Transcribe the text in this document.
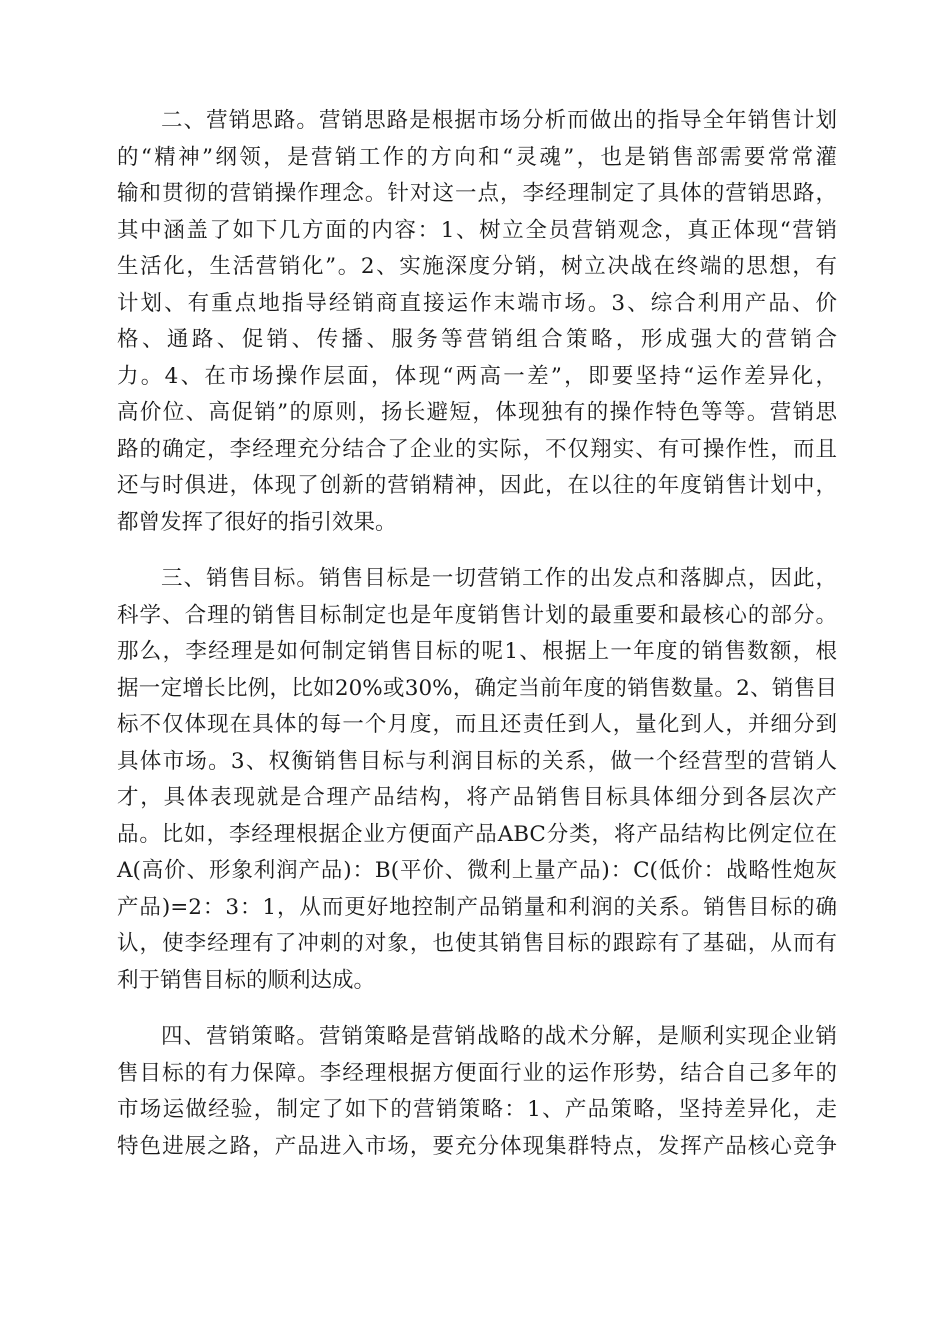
二、营销思路。营销思路是根据市场分析而做出的指导全年销售计划
的“精神”纲领，是营销工作的方向和“灵魂”，也是销售部需要常常灌
输和贯彻的营销操作理念。针对这一点，李经理制定了具体的营销思路，
其中涵盖了如下几方面的内容：1、树立全员营销观念，真正体现“营销
生活化，生活营销化”。2、实施深度分销，树立决战在终端的思想，有
计划、有重点地指导经销商直接运作末端市场。3、综合利用产品、价
格、通路、促销、传播、服务等营销组合策略，形成强大的营销合
力。4、在市场操作层面，体现“两高一差”，即要坚持“运作差异化，
高价位、高促销”的原则，扬长避短，体现独有的操作特色等等。营销思
路的确定，李经理充分结合了企业的实际，不仅翔实、有可操作性，而且
还与时俱进，体现了创新的营销精神，因此，在以往的年度销售计划中，
都曾发挥了很好的指引效果。
三、销售目标。销售目标是一切营销工作的出发点和落脚点，因此，
科学、合理的销售目标制定也是年度销售计划的最重要和最核心的部分。
那么，李经理是如何制定销售目标的呢1、根据上一年度的销售数额，根
据一定增长比例，比如20%或30%，确定当前年度的销售数量。2、销售目
标不仅体现在具体的每一个月度，而且还责任到人，量化到人，并细分到
具体市场。3、权衡销售目标与利润目标的关系，做一个经营型的营销人
才，具体表现就是合理产品结构，将产品销售目标具体细分到各层次产
品。比如，李经理根据企业方便面产品ABC分类，将产品结构比例定位在
A(高价、形象利润产品)：B(平价、微利上量产品)：C(低价：战略性炮灰
产品)=2：3：1，从而更好地控制产品销量和利润的关系。销售目标的确
认，使李经理有了冲刺的对象，也使其销售目标的跟踪有了基础，从而有
利于销售目标的顺利达成。
四、营销策略。营销策略是营销战略的战术分解，是顺利实现企业销
售目标的有力保障。李经理根据方便面行业的运作形势，结合自己多年的
市场运做经验，制定了如下的营销策略：1、产品策略，坚持差异化，走
特色进展之路，产品进入市场，要充分体现集群特点，发挥产品核心竞争
